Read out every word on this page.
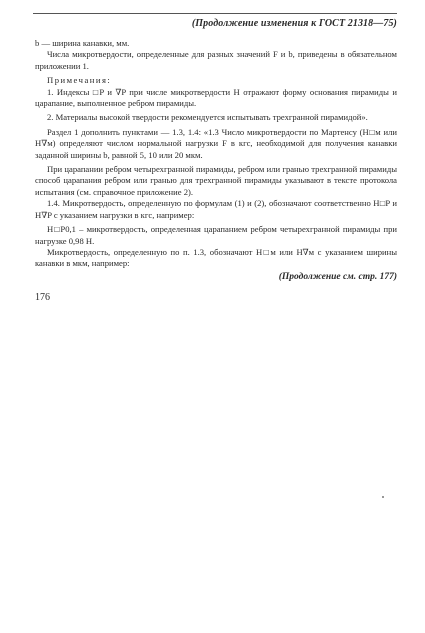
(Продолжение изменения к ГОСТ 21318—75)

b — ширина канавки, мм.

Числа микротвердости, определенные для разных значений F и b, приведены в обязательном приложении 1.

Примечания:

1. Индексы □P и ∇P при числе микротвердости H отражают форму основания пирамиды и царапание, выполненное ребром пирамиды.

2. Материалы высокой твердости рекомендуется испытывать трехгранной пирамидой».

Раздел 1 дополнить пунктами — 1.3, 1.4: «1.3 Число микротвердости по Мартенсу (H□м или H∇м) определяют числом нормальной нагрузки F в кгс, необходимой для получения канавки заданной ширины b, равной 5, 10 или 20 мкм.

При царапании ребром четырехгранной пирамиды, ребром или гранью трехгранной пирамиды способ царапания ребром или гранью для трехгранной пирамиды указывают в тексте протокола испытания (см. справочное приложение 2).

1.4. Микротвердость, определенную по формулам (1) и (2), обозначают соответственно H□P и H∇P с указанием нагрузки в кгс, например:

H□P0,1 – микротвердость, определенная царапанием ребром четырехгранной пирамиды при нагрузке 0,98 Н.

Микротвердость, определенную по п. 1.3, обозначают H□м или H∇м с указанием ширины канавки в мкм, например:

(Продолжение см. стр. 177)
176
